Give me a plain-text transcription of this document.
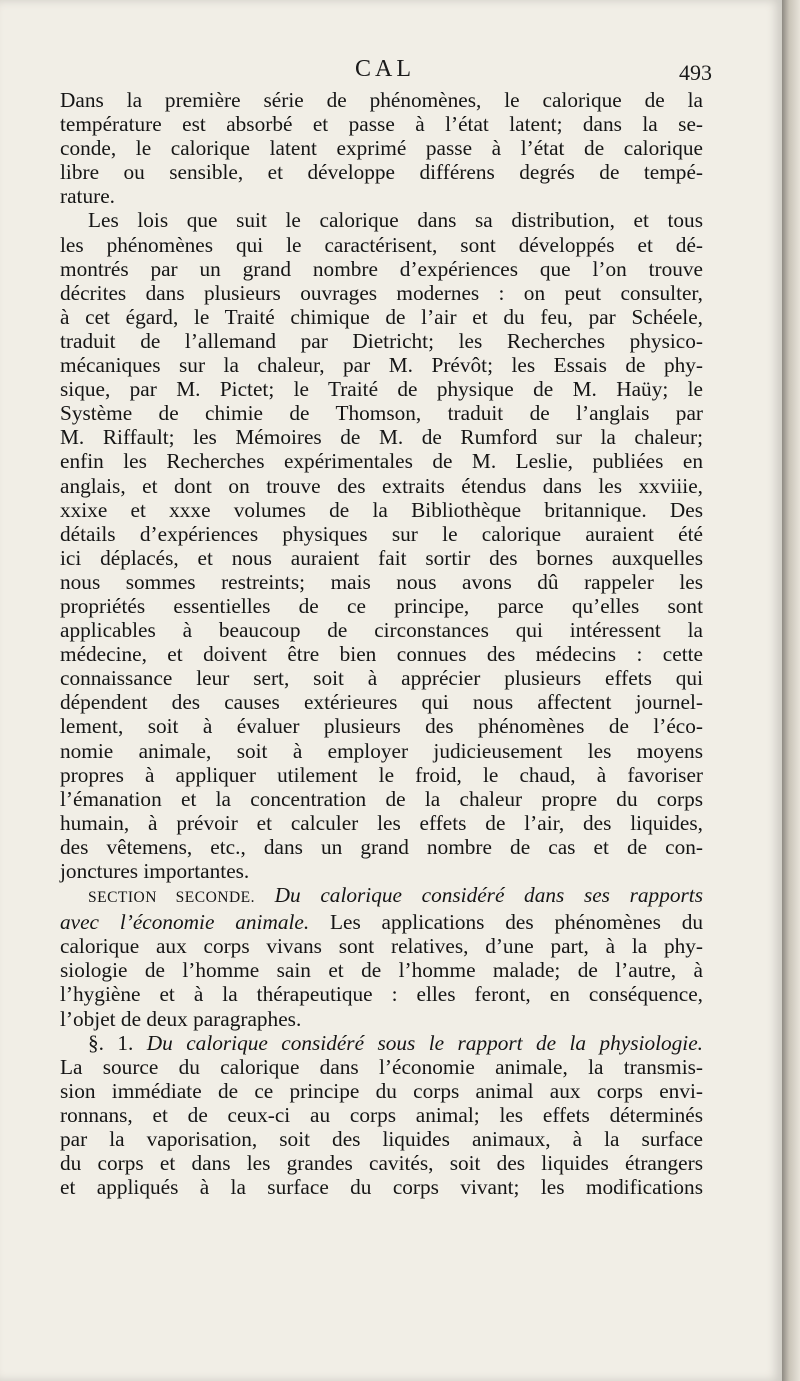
CAL	493
Dans la première série de phénomènes, le calorique de la
température est absorbé et passe à l’état latent; dans la se-
conde, le calorique latent exprimé passe à l’état de calorique
libre ou sensible, et développe différens degrés de tempé-
rature.
Les lois que suit le calorique dans sa distribution, et tous
les phénomènes qui le caractérisent, sont développés et dé-
montrés par un grand nombre d’expériences que l’on trouve
décrites dans plusieurs ouvrages modernes : on peut consulter,
à cet égard, le Traité chimique de l’air et du feu, par Schéele,
traduit de l’allemand par Dietricht; les Recherches physico-
mécaniques sur la chaleur, par M. Prévôt; les Essais de phy-
sique, par M. Pictet; le Traité de physique de M. Haüy; le
Système de chimie de Thomson, traduit de l’anglais par
M. Riffault; les Mémoires de M. de Rumford sur la chaleur;
enfin les Recherches expérimentales de M. Leslie, publiées en
anglais, et dont on trouve des extraits étendus dans les xxviiie,
xxixe et xxxe volumes de la Bibliothèque britannique. Des
détails d’expériences physiques sur le calorique auraient été
ici déplacés, et nous auraient fait sortir des bornes auxquelles
nous sommes restreints; mais nous avons dû rappeler les
propriétés essentielles de ce principe, parce qu’elles sont
applicables à beaucoup de circonstances qui intéressent la
médecine, et doivent être bien connues des médecins : cette
connaissance leur sert, soit à apprécier plusieurs effets qui
dépendent des causes extérieures qui nous affectent journel-
lement, soit à évaluer plusieurs des phénomènes de l’éco-
nomie animale, soit à employer judicieusement les moyens
propres à appliquer utilement le froid, le chaud, à favoriser
l’émanation et la concentration de la chaleur propre du corps
humain, à prévoir et calculer les effets de l’air, des liquides,
des vêtemens, etc., dans un grand nombre de cas et de con-
jonctures importantes.
SECTION SECONDE. Du calorique considéré dans ses rapports
avec l’économie animale. Les applications des phénomènes du
calorique aux corps vivans sont relatives, d’une part, à la phy-
siologie de l’homme sain et de l’homme malade; de l’autre, à
l’hygiène et à la thérapeutique : elles feront, en conséquence,
l’objet de deux paragraphes.
§. 1. Du calorique considéré sous le rapport de la physiologie.
La source du calorique dans l’économie animale, la transmis-
sion immédiate de ce principe du corps animal aux corps envi-
ronnans, et de ceux-ci au corps animal; les effets déterminés
par la vaporisation, soit des liquides animaux, à la surface
du corps et dans les grandes cavités, soit des liquides étrangers
et appliqués à la surface du corps vivant; les modifications
